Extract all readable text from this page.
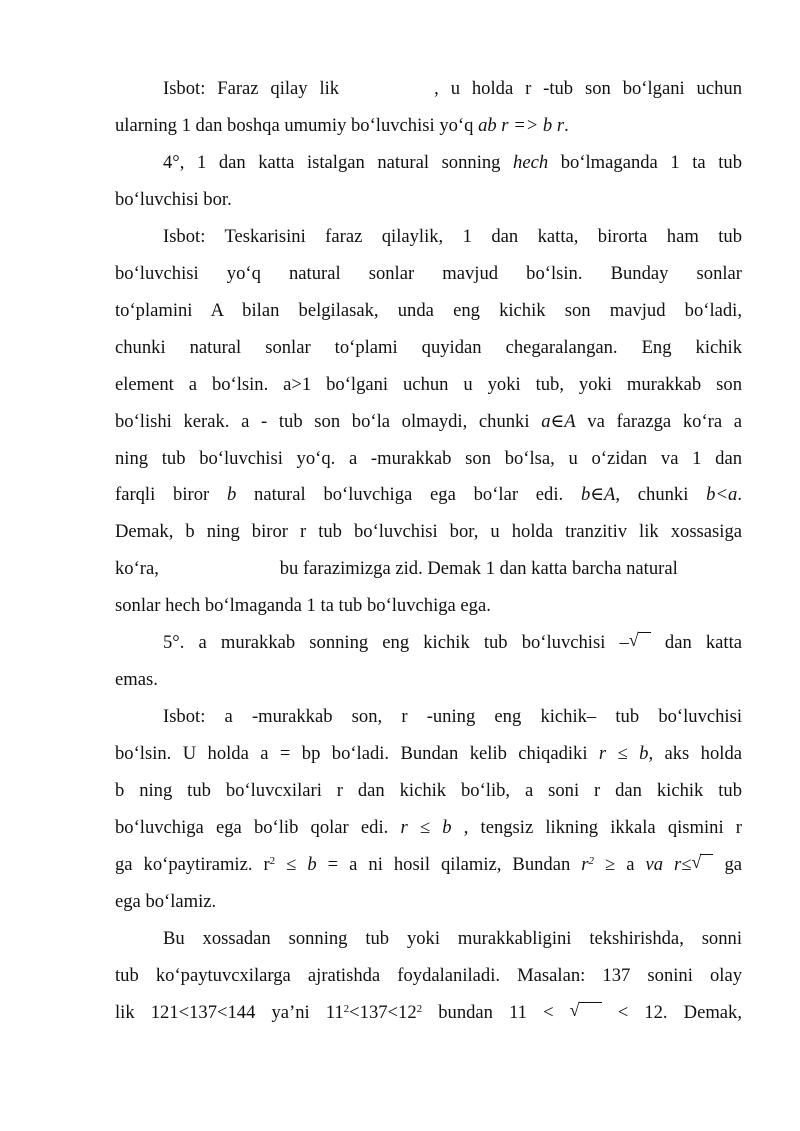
Isbot: Faraz qilay lik        , u holda r -tub son bo‘lgani uchun
ularning 1 dan boshqa umumiy bo‘luvchisi yo‘q ab r => b r.
4°, 1 dan katta istalgan natural sonning hech bo‘lmaganda 1 ta tub
bo‘luvchisi bor.
Isbot: Teskarisini faraz qilaylik, 1 dan katta, birorta ham tub
bo‘luvchisi yo‘q natural sonlar mavjud bo‘lsin. Bunday sonlar
to‘plamini A bilan belgilasak, unda eng kichik son mavjud bo‘ladi,
chunki natural sonlar to‘plami quyidan chegaralangan. Eng kichik
element a bo‘lsin. a>1 bo‘lgani uchun u yoki tub, yoki murakkab son
bo‘lishi kerak. a - tub son bo‘la olmaydi, chunki a∈A va farazga ko‘ra a
ning tub bo‘luvchisi yo‘q. a -murakkab son bo‘lsa, u o‘zidan va 1 dan
farqli biror b natural bo‘luvchiga ega bo‘lar edi. b∈A, chunki b<a.
Demak, b ning biror r tub bo‘luvchisi bor, u holda tranzitiv lik xossasiga
ko‘ra,                          bu farazimizga zid. Demak 1 dan katta barcha natural
sonlar hech bo‘lmaganda 1 ta tub bo‘luvchiga ega.
5°. a murakkab sonning eng kichik tub bo‘luvchisi – √ dan katta
emas.
Isbot: a -murakkab son, r -uning eng kichik– tub bo‘luvchisi
bo‘lsin. U holda a = bp bo‘ladi. Bundan kelib chiqadiki r ≤ b, aks holda
b ning tub bo‘luvcxilari r dan kichik bo‘lib, a soni r dan kichik tub
bo‘luvchiga ega bo‘lib qolar edi. r ≤ b , tengsiz likning ikkala qismini r
ga ko‘paytiramiz. $r^2 \le b = a$ ni hosil qilamiz, Bundan $r^2 \ge a$ va r≤ √ ga
ega bo‘lamiz.
Bu xossadan sonning tub yoki murakkabligini tekshirishda, sonni
tub ko‘paytuvcxilarga ajratishda foydalaniladi. Masalan: 137 sonini olay
lik 121<137<144 ya’ni $11^2<137<12^2$ bundan 11 < √ < 12. Demak,
